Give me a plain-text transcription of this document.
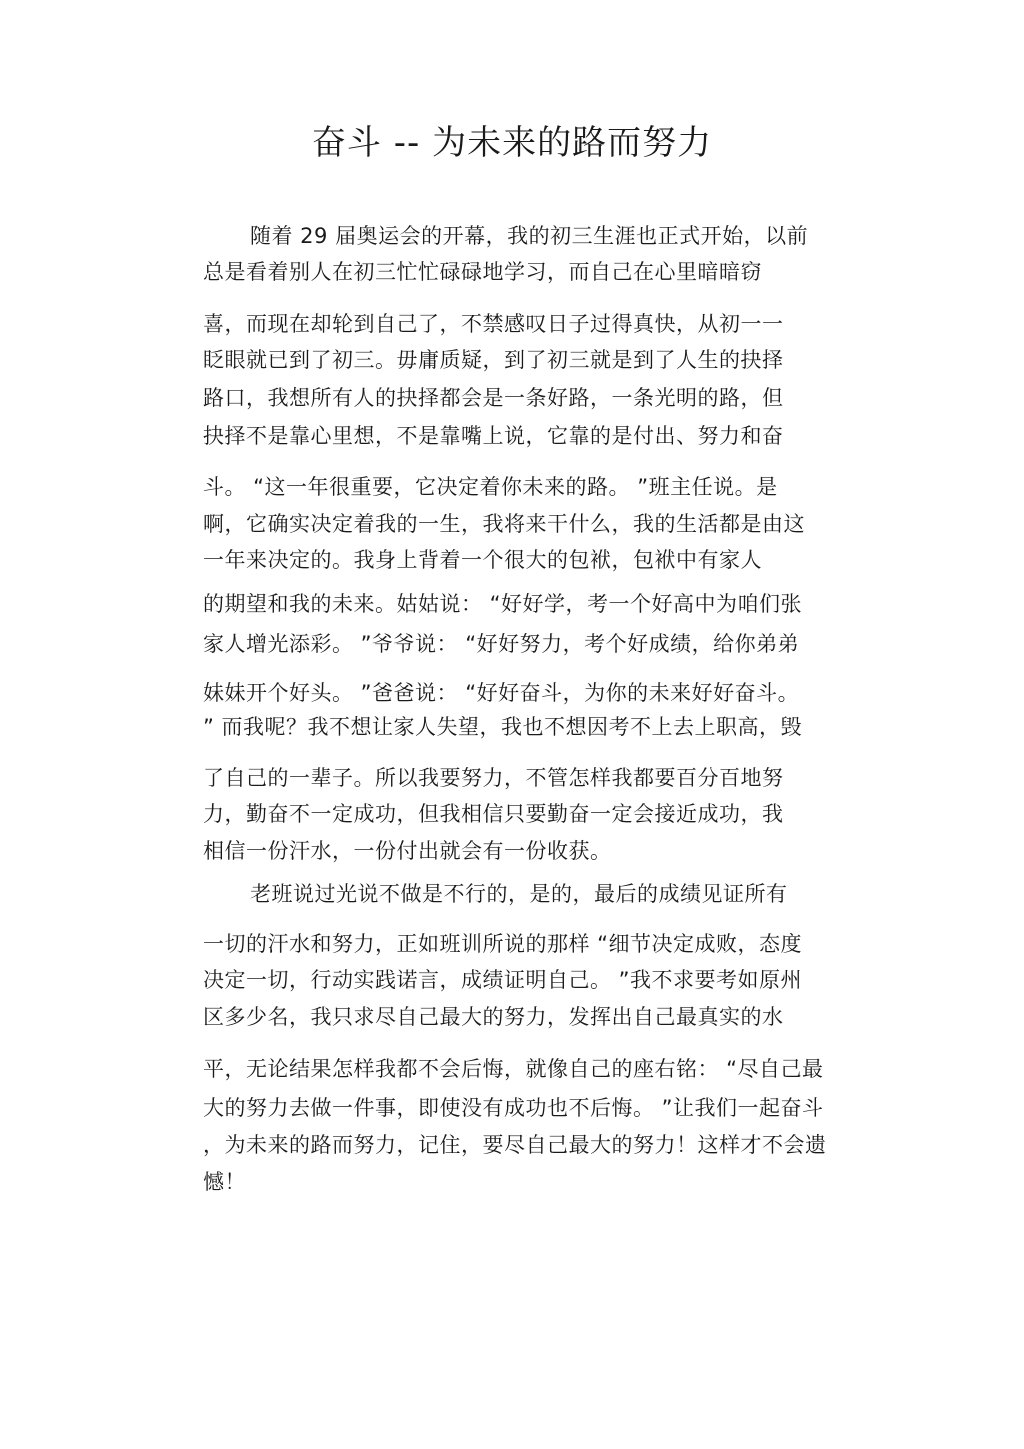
奋斗 -- 为未来的路而努力
随着 29 届奥运会的开幕，我的初三生涯也正式开始，以前
总是看着别人在初三忙忙碌碌地学习，而自己在心里暗暗窃
喜，而现在却轮到自己了，不禁感叹日子过得真快，从初一一
眨眼就已到了初三。毋庸质疑，到了初三就是到了人生的抉择
路口，我想所有人的抉择都会是一条好路，一条光明的路，但
抉择不是靠心里想，不是靠嘴上说，它靠的是付出、努力和奋
斗。 “这一年很重要，它决定着你未来的路。 ”班主任说。是
啊，它确实决定着我的一生，我将来干什么，我的生活都是由这
一年来决定的。我身上背着一个很大的包袱，包袱中有家人
的期望和我的未来。姑姑说： “好好学，考一个好高中为咱们张
家人增光添彩。 ”爷爷说： “好好努力，考个好成绩，给你弟弟
妹妹开个好头。 ”爸爸说： “好好奋斗，为你的未来好好奋斗。
” 而我呢？我不想让家人失望，我也不想因考不上去上职高，毁
了自己的一辈子。所以我要努力，不管怎样我都要百分百地努
力，勤奋不一定成功，但我相信只要勤奋一定会接近成功，我
相信一份汗水，一份付出就会有一份收获。
老班说过光说不做是不行的，是的，最后的成绩见证所有
一切的汗水和努力，正如班训所说的那样 “细节决定成败，态度
决定一切，行动实践诺言，成绩证明自己。 ”我不求要考如原州
区多少名，我只求尽自己最大的努力，发挥出自己最真实的水
平，无论结果怎样我都不会后悔，就像自己的座右铭： “尽自己最
大的努力去做一件事，即使没有成功也不后悔。 ”让我们一起奋斗
，为未来的路而努力，记住，要尽自己最大的努力！这样才不会遗
憾！
